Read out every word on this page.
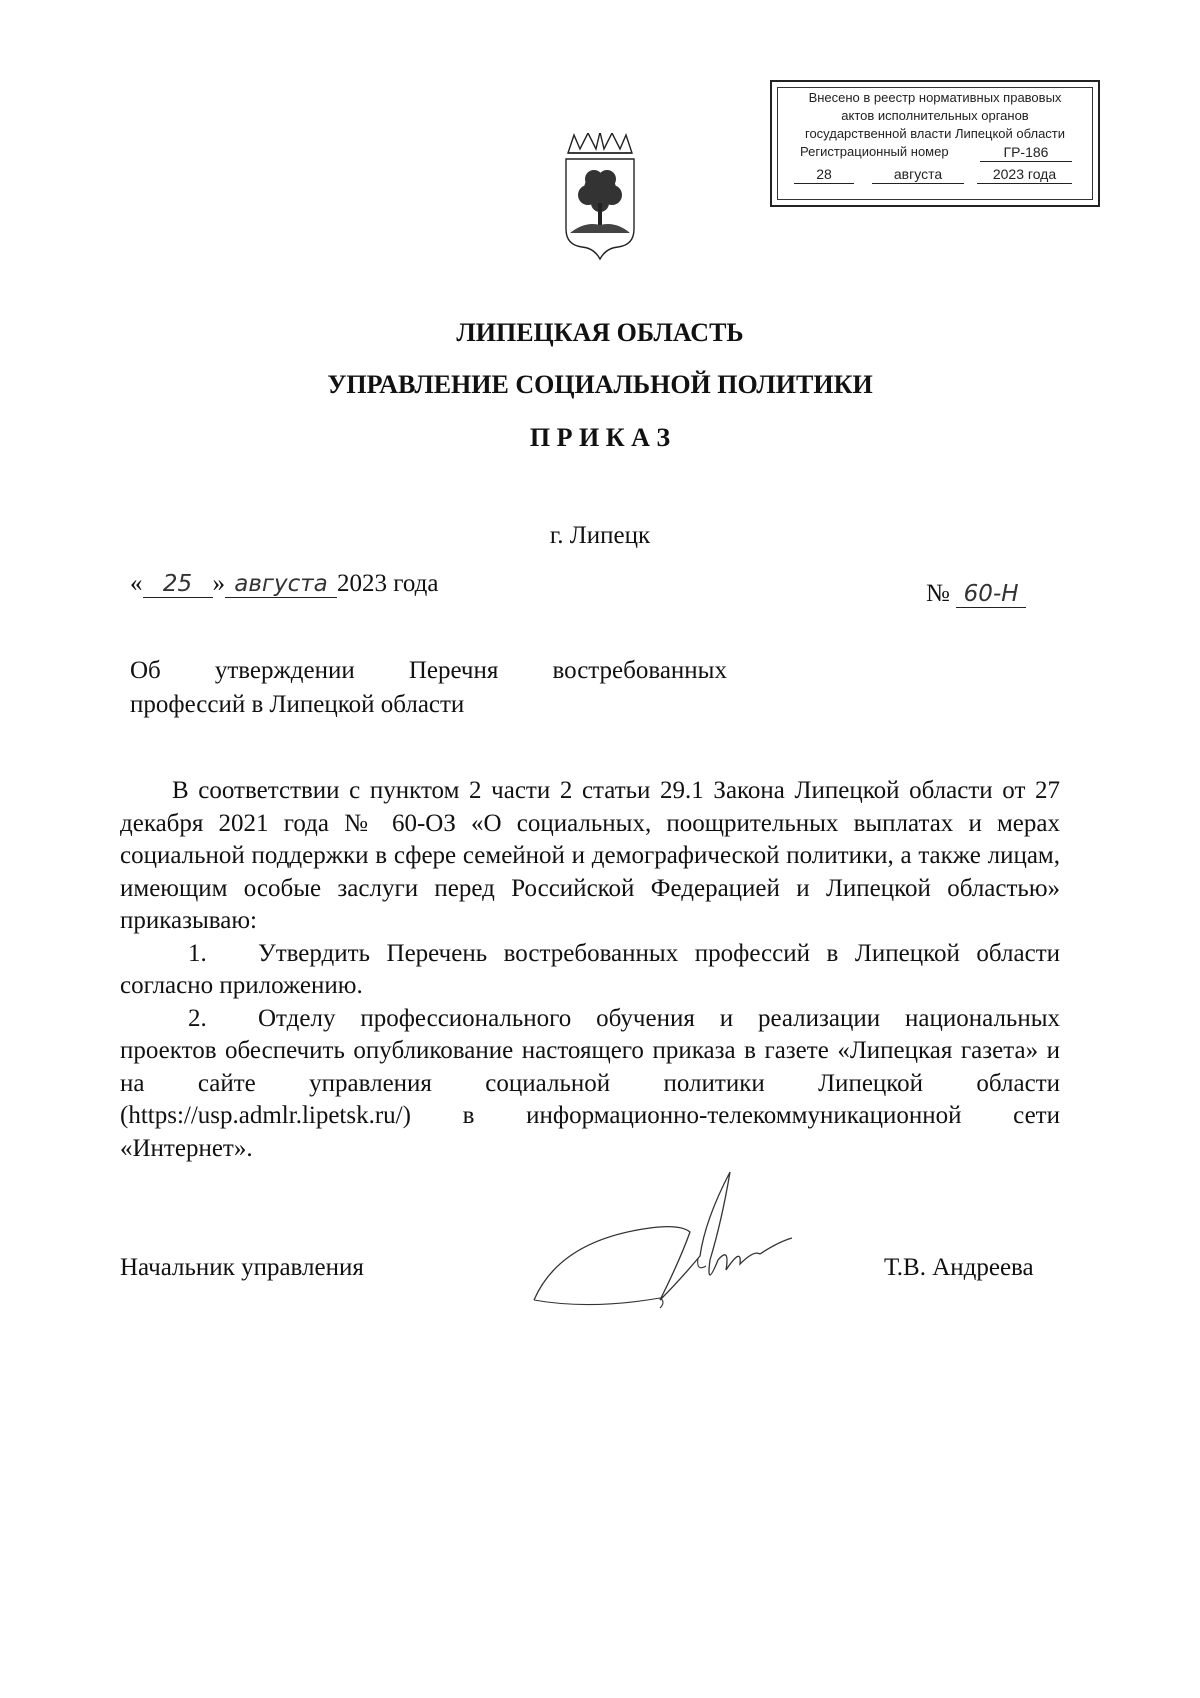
Внесено в реестр нормативных правовых
актов исполнительных органов
государственной власти Липецкой области
Регистрационный номер	ГР-186
28	августа	2023 года
ЛИПЕЦКАЯ ОБЛАСТЬ
УПРАВЛЕНИЕ СОЦИАЛЬНОЙ ПОЛИТИКИ
П Р И К А З
г. Липецк
« 25 » августа 2023 года	№ 60-Н
Об утверждении Перечня востребованных
профессий в Липецкой области

В соответствии с пунктом 2 части 2 статьи 29.1 Закона Липецкой области от 27 декабря 2021 года № 60-ОЗ «О социальных, поощрительных выплатах и мерах социальной поддержки в сфере семейной и демографической политики, а также лицам, имеющим особые заслуги перед Российской Федерацией и Липецкой областью» приказываю:

1. Утвердить Перечень востребованных профессий в Липецкой области согласно приложению.

2. Отделу профессионального обучения и реализации национальных проектов обеспечить опубликование настоящего приказа в газете «Липецкая газета» и на сайте управления социальной политики Липецкой области (https://usp.admlr.lipetsk.ru/) в информационно-телекоммуникационной сети «Интернет».

Начальник управления	Т.В. Андреева
